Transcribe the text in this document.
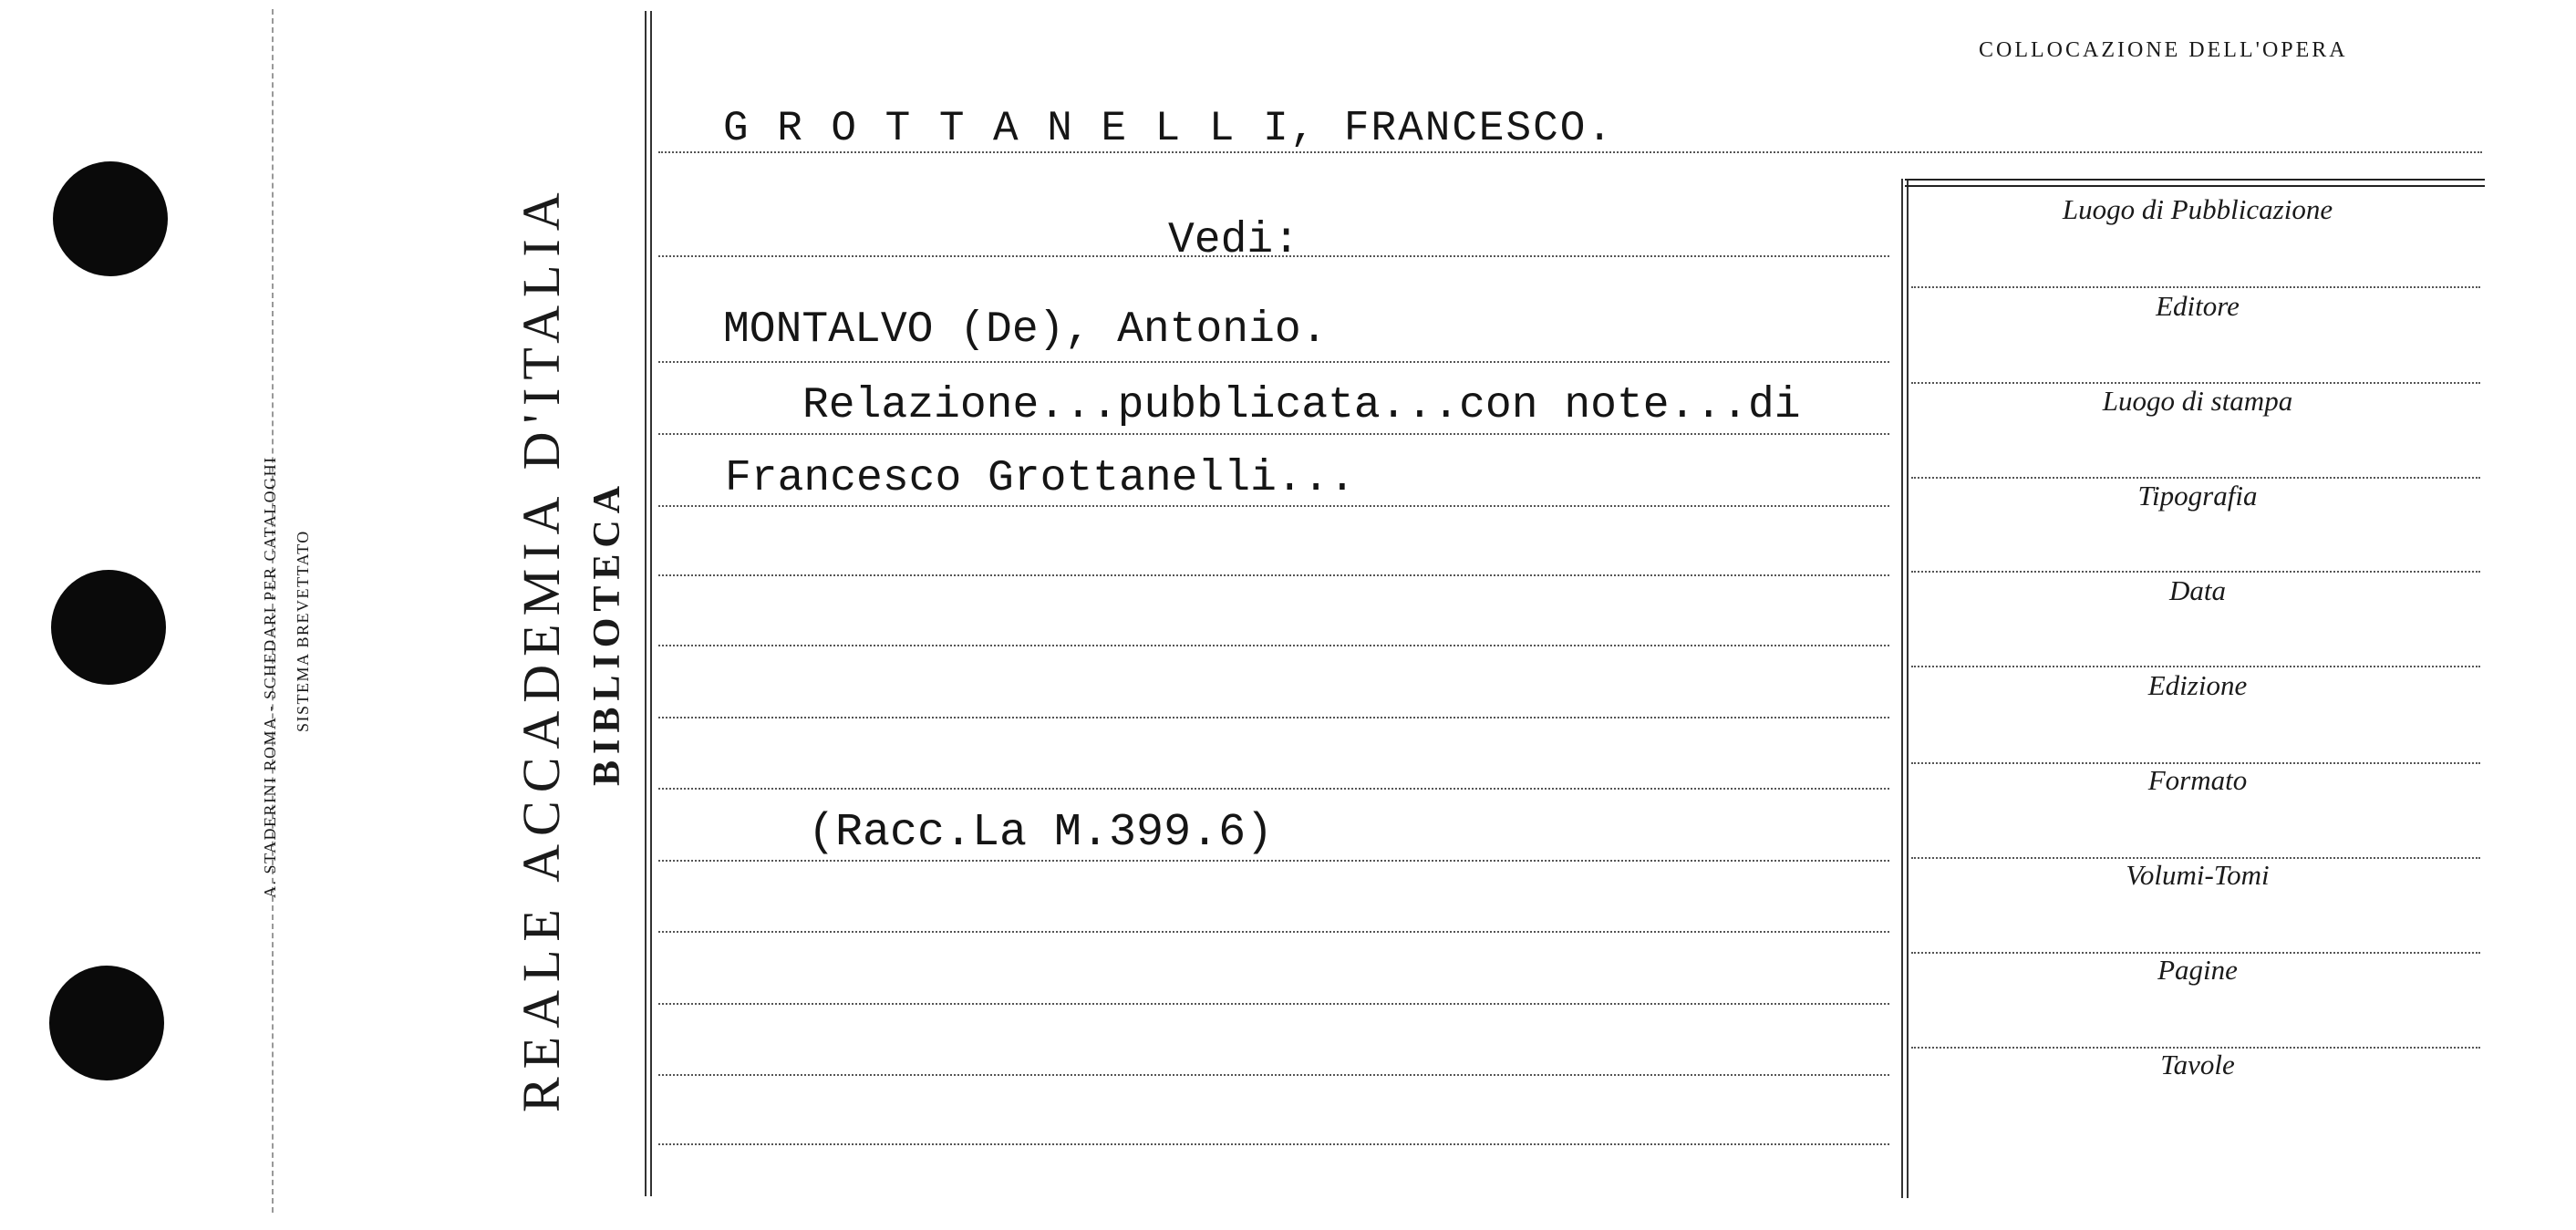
A. STADERINI ROMA - SCHEDARI PER CATALOGHI SISTEMA BREVETTATO	REALE ACCADEMIA D'ITALIA BIBLIOTECA
COLLOCAZIONE DELL'OPERA
G R O T T A N E L L I, FRANCESCO.
Vedi:
MONTALVO (De), Antonio.
Relazione...pubblicata...con note...di
Francesco Grottanelli...
(Racc.La M.399.6)
Luogo di Pubblicazione
Editore
Luogo di stampa
Tipografia
Data
Edizione
Formato
Volumi-Tomi
Pagine
Tavole
